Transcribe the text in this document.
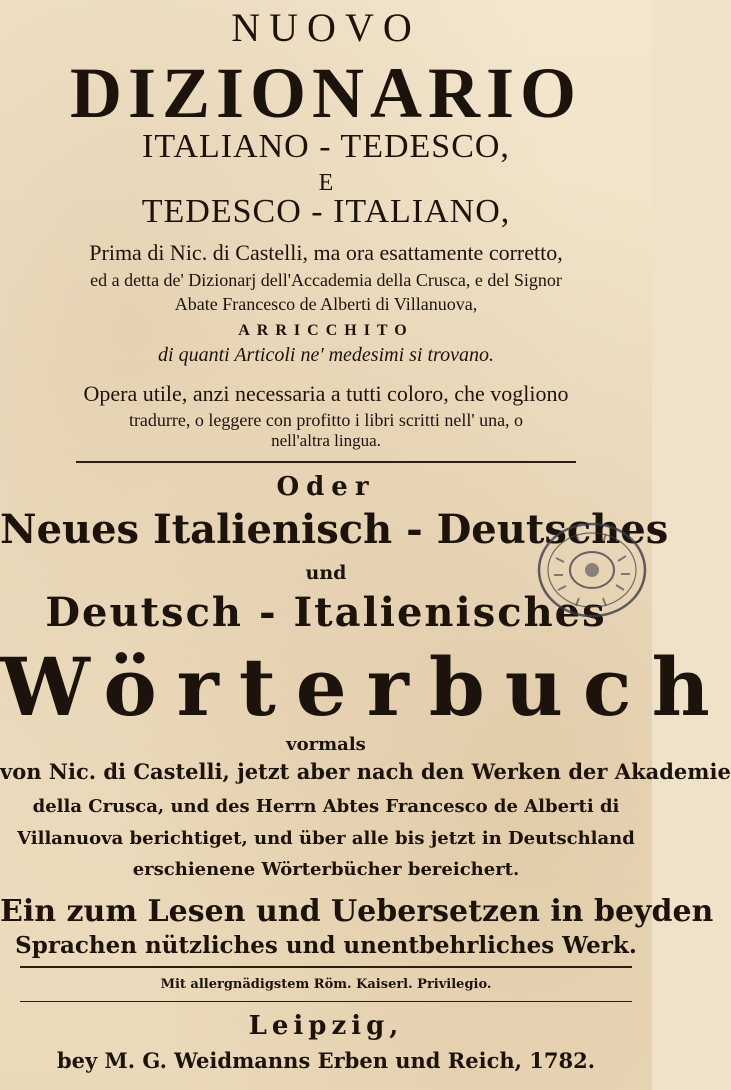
NUOVO
DIZIONARIO
ITALIANO - TEDESCO,
E
TEDESCO - ITALIANO,
Prima di Nic. di Castelli, ma ora esattamente corretto,
ed a detta de' Dizionarj dell'Accademia della Crusca, e del Signor
Abate Francesco de Alberti di Villanuova,
ARRICCHITO
di quanti Articoli ne' medesimi si trovano.
Opera utile, anzi necessaria a tutti coloro, che vogliono
tradurre, o leggere con profitto i libri scritti nell' una, o
nell'altra lingua.
Oder
Neues Italienisch - Deutsches
und
Deutsch - Italienisches
Wörterbuch
vormals
von Nic. di Castelli, jetzt aber nach den Werken der Akademie
della Crusca, und des Herrn Abtes Francesco de Alberti di
Villanuova berichtiget, und über alle bis jetzt in Deutschland
erschienene Wörterbücher bereichert.
Ein zum Lesen und Uebersetzen in beyden
Sprachen nützliches und unentbehrliches Werk.
Mit allergnädigstem Röm. Kaiserl. Privilegio.
Leipzig,
bey M. G. Weidmanns Erben und Reich, 1782.
